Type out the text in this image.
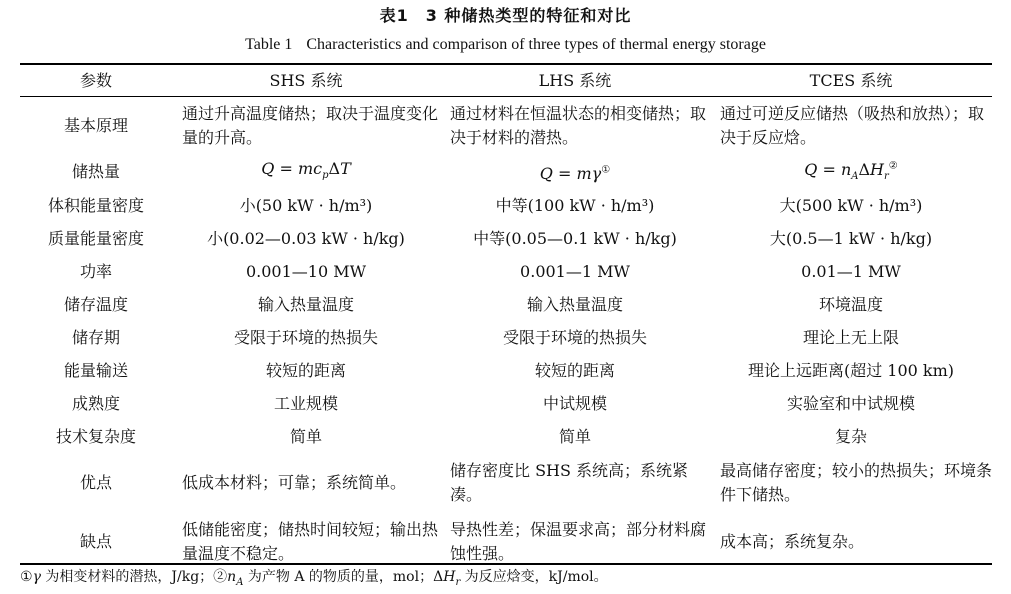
表1　3 种储热类型的特征和对比
Table 1 Characteristics and comparison of three types of thermal energy storage
参数	SHS 系统	LHS 系统	TCES 系统
基本原理	通过升高温度储热；取决于温度变化量的升高。	通过材料在恒温状态的相变储热；取决于材料的潜热。	通过可逆反应储热（吸热和放热）；取决于反应焓。
储热量	$Q = mc_p\Delta T$	Q = mγ①	$Q = n_A\Delta H_r^②$
体积能量密度	小(50 kW · h/m³)	中等(100 kW · h/m³)	大(500 kW · h/m³)
质量能量密度	小(0.02—0.03 kW · h/kg)	中等(0.05—0.1 kW · h/kg)	大(0.5—1 kW · h/kg)
功率	0.001—10 MW	0.001—1 MW	0.01—1 MW
储存温度	输入热量温度	输入热量温度	环境温度
储存期	受限于环境的热损失	受限于环境的热损失	理论上无上限
能量输送	较短的距离	较短的距离	理论上远距离(超过 100 km)
成熟度	工业规模	中试规模	实验室和中试规模
技术复杂度	简单	简单	复杂
优点	低成本材料；可靠；系统简单。	储存密度比 SHS 系统高；系统紧凑。	最高储存密度；较小的热损失；环境条件下储热。
缺点	低储能密度；储热时间较短；输出热量温度不稳定。	导热性差；保温要求高；部分材料腐蚀性强。	成本高；系统复杂。
①γ 为相变材料的潜热，J/kg；$②n_A$ 为产物 A 的物质的量，mol；$\Delta H_r$ 为反应焓变，kJ/mol。
